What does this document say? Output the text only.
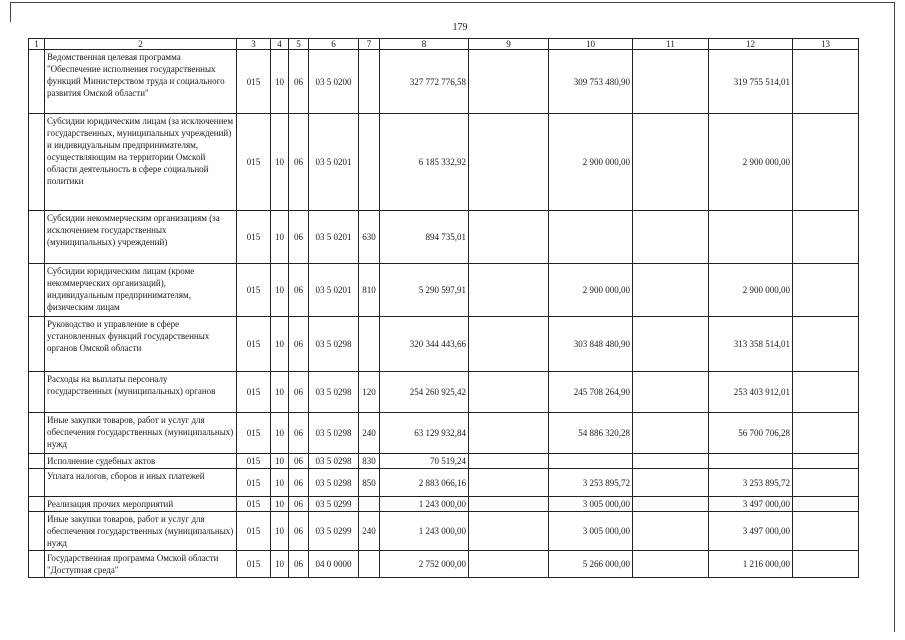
179
1	2	3	4	5	6	7	8	9	10	11	12	13
	Ведомственная целевая программа "Обеспечение исполнения государственных функций Министерством труда и социального развития Омской области"	015	10	06	03 5 0200		327 772 776,58		309 753 480,90		319 755 514,01	
	Субсидии юридическим лицам (за исключением государственных, муниципальных учреждений) и индивидуальным предпринимателям, осуществляющим на территории Омской области деятельность в сфере социальной политики	015	10	06	03 5 0201		6 185 332,92		2 900 000,00		2 900 000,00	
	Субсидии некоммерческим организациям (за исключением государственных (муниципальных) учреждений)	015	10	06	03 5 0201	630	894 735,01					
	Субсидии юридическим лицам (кроме некоммерческих организаций), индивидуальным предпринимателям, физическим лицам	015	10	06	03 5 0201	810	5 290 597,91		2 900 000,00		2 900 000,00	
	Руководство и управление в сфере установленных функций государственных органов Омской области	015	10	06	03 5 0298		320 344 443,66		303 848 480,90		313 358 514,01	
	Расходы на выплаты персоналу государственных (муниципальных) органов	015	10	06	03 5 0298	120	254 260 925,42		245 708 264,90		253 403 912,01	
	Иные закупки товаров, работ и услуг для обеспечения государственных (муниципальных) нужд	015	10	06	03 5 0298	240	63 129 932,84		54 886 320,28		56 700 706,28	
	Исполнение судебных актов	015	10	06	03 5 0298	830	70 519,24					
	Уплата налогов, сборов и иных платежей	015	10	06	03 5 0298	850	2 883 066,16		3 253 895,72		3 253 895,72	
	Реализация прочих мероприятий	015	10	06	03 5 0299		1 243 000,00		3 005 000,00		3 497 000,00	
	Иные закупки товаров, работ и услуг для обеспечения государственных (муниципальных) нужд	015	10	06	03 5 0299	240	1 243 000,00		3 005 000,00		3 497 000,00	
	Государственная программа Омской области "Доступная среда"	015	10	06	04 0 0000		2 752 000,00		5 266 000,00		1 216 000,00	
